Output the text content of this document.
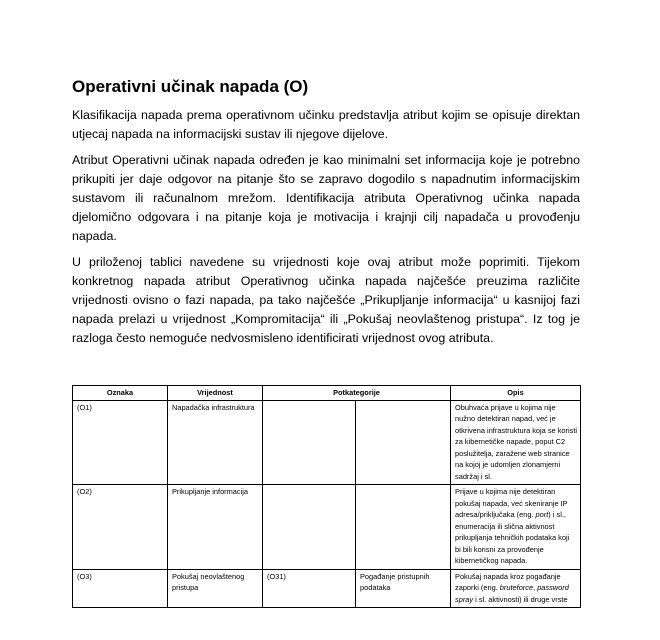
Operativni učinak napada (O)

Klasifikacija napada prema operativnom učinku predstavlja atribut kojim se opisuje direktan utjecaj napada na informacijski sustav ili njegove dijelove.

Atribut Operativni učinak napada određen je kao minimalni set informacija koje je potrebno prikupiti jer daje odgovor na pitanje što se zapravo dogodilo s napadnutim informacijskim sustavom ili računalnom mrežom. Identifikacija atributa Operativnog učinka napada djelomično odgovara i na pitanje koja je motivacija i krajnji cilj napadača u provođenju napada.

U priloženoj tablici navedene su vrijednosti koje ovaj atribut može poprimiti. Tijekom konkretnog napada atribut Operativnog učinka napada najčešće preuzima različite vrijednosti ovisno o fazi napada, pa tako najčešće „Prikupljanje informacija“ u kasnijoj fazi napada prelazi u vrijednost „Kompromitacija“ ili „Pokušaj neovlaštenog pristupa“. Iz tog je razloga često nemoguće nedvosmisleno identificirati vrijednost ovog atributa.

Oznaka	Vrijednost	Potkategorije		Opis
(O1)	Napadačka infrastruktura			Obuhvaća prijave u kojima nije nužno detektiran napad, već je otkrivena infrastruktura koja se koristi za kibernetičke napade, poput C2 poslužitelja, zaražene web stranice na kojoj je udomljen zlonamjerni sadržaj i sl.
(O2)	Prikupljanje informacija			Prijave u kojima nije detektiran pokušaj napada, već skeniranje IP adresa/priključaka (eng. port) i sl., enumeracija ili slična aktivnost prikupljanja tehničkih podataka koji bi bili korisni za provođenje kibernetičkog napada.
(O3)	Pokušaj neovlaštenog pristupa	(O31)	Pogađanje pristupnih podataka	Pokušaj napada kroz pogađanje zaporki (eng. bruteforce, password spray i sl. aktivnosti) ili druge vrste
